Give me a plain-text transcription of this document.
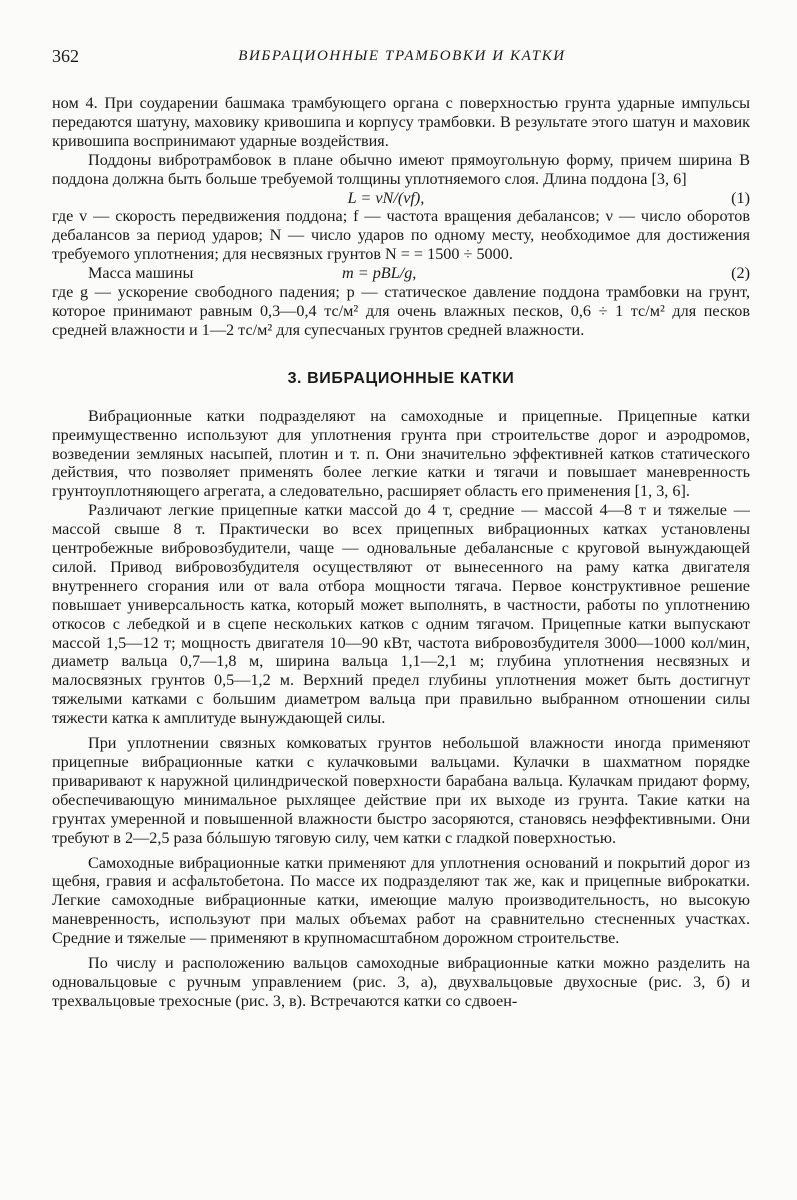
362	ВИБРАЦИОННЫЕ ТРАМБОВКИ И КАТКИ

ном 4. При соударении башмака трамбующего органа с поверхностью грунта ударные импульсы передаются шатуну, маховику кривошипа и корпусу трамбовки. В результате этого шатун и маховик кривошипа воспринимают ударные воздействия.

Поддоны вибротрамбовок в плане обычно имеют прямоугольную форму, причем ширина B поддона должна быть больше требуемой толщины уплотняемого слоя. Длина поддона [3, 6]

L = vN/(νf),	(1)

где v — скорость передвижения поддона; f — частота вращения дебалансов; ν — число оборотов дебалансов за период ударов; N — число ударов по одному месту, необходимое для достижения требуемого уплотнения; для несвязных грунтов N = = 1500 ÷ 5000.

Масса машины	m = pBL/g,	(2)

где g — ускорение свободного падения; p — статическое давление поддона трамбовки на грунт, которое принимают равным 0,3—0,4 тс/м² для очень влажных песков, 0,6 ÷ 1 тс/м² для песков средней влажности и 1—2 тс/м² для супесчаных грунтов средней влажности.

3. ВИБРАЦИОННЫЕ КАТКИ

Вибрационные катки подразделяют на самоходные и прицепные. Прицепные катки преимущественно используют для уплотнения грунта при строительстве дорог и аэродромов, возведении земляных насыпей, плотин и т. п. Они значительно эффективней катков статического действия, что позволяет применять более легкие катки и тягачи и повышает маневренность грунтоуплотняющего агрегата, а следовательно, расширяет область его применения [1, 3, 6].

Различают легкие прицепные катки массой до 4 т, средние — массой 4—8 т и тяжелые — массой свыше 8 т. Практически во всех прицепных вибрационных катках установлены центробежные вибровозбудители, чаще — одновальные дебалансные с круговой вынуждающей силой. Привод вибровозбудителя осуществляют от вынесенного на раму катка двигателя внутреннего сгорания или от вала отбора мощности тягача. Первое конструктивное решение повышает универсальность катка, который может выполнять, в частности, работы по уплотнению откосов с лебедкой и в сцепе нескольких катков с одним тягачом. Прицепные катки выпускают массой 1,5—12 т; мощность двигателя 10—90 кВт, частота вибровозбудителя 3000—1000 кол/мин, диаметр вальца 0,7—1,8 м, ширина вальца 1,1—2,1 м; глубина уплотнения несвязных и малосвязных грунтов 0,5—1,2 м. Верхний предел глубины уплотнения может быть достигнут тяжелыми катками с большим диаметром вальца при правильно выбранном отношении силы тяжести катка к амплитуде вынуждающей силы.

При уплотнении связных комковатых грунтов небольшой влажности иногда применяют прицепные вибрационные катки с кулачковыми вальцами. Кулачки в шахматном порядке приваривают к наружной цилиндрической поверхности барабана вальца. Кулачкам придают форму, обеспечивающую минимальное рыхлящее действие при их выходе из грунта. Такие катки на грунтах умеренной и повышенной влажности быстро засоряются, становясь неэффективными. Они требуют в 2—2,5 раза бóльшую тяговую силу, чем катки с гладкой поверхностью.

Самоходные вибрационные катки применяют для уплотнения оснований и покрытий дорог из щебня, гравия и асфальтобетона. По массе их подразделяют так же, как и прицепные виброкатки. Легкие самоходные вибрационные катки, имеющие малую производительность, но высокую маневренность, используют при малых объемах работ на сравнительно стесненных участках. Средние и тяжелые — применяют в крупномасштабном дорожном строительстве.

По числу и расположению вальцов самоходные вибрационные катки можно разделить на одновальцовые с ручным управлением (рис. 3, а), двухвальцовые двухосные (рис. 3, б) и трехвальцовые трехосные (рис. 3, в). Встречаются катки со сдвоен-
